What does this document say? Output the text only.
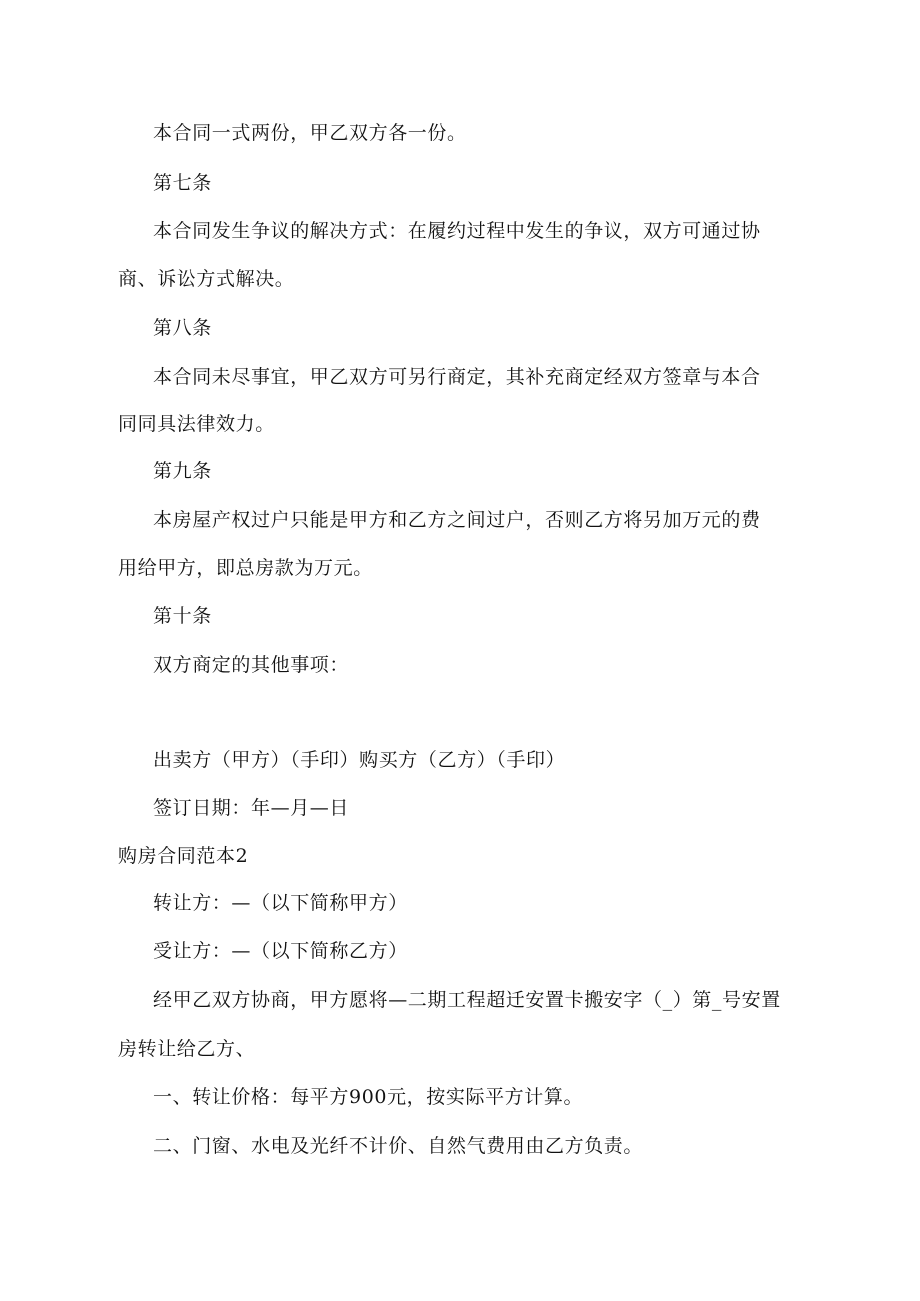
本合同一式两份，甲乙双方各一份。

第七条

本合同发生争议的解决方式：在履约过程中发生的争议，双方可通过协

商、诉讼方式解决。

第八条

本合同未尽事宜，甲乙双方可另行商定，其补充商定经双方签章与本合

同同具法律效力。

第九条

本房屋产权过户只能是甲方和乙方之间过户，否则乙方将另加万元的费

用给甲方，即总房款为万元。

第十条

双方商定的其他事项：

出卖方（甲方）（手印）购买方（乙方）（手印）

签订日期：年—月—日

购房合同范本2

转让方：—（以下简称甲方）

受让方：—（以下简称乙方）

经甲乙双方协商，甲方愿将—二期工程超迁安置卡搬安字（_）第_号安置

房转让给乙方、

一、转让价格：每平方900元，按实际平方计算。

二、门窗、水电及光纤不计价、自然气费用由乙方负责。
